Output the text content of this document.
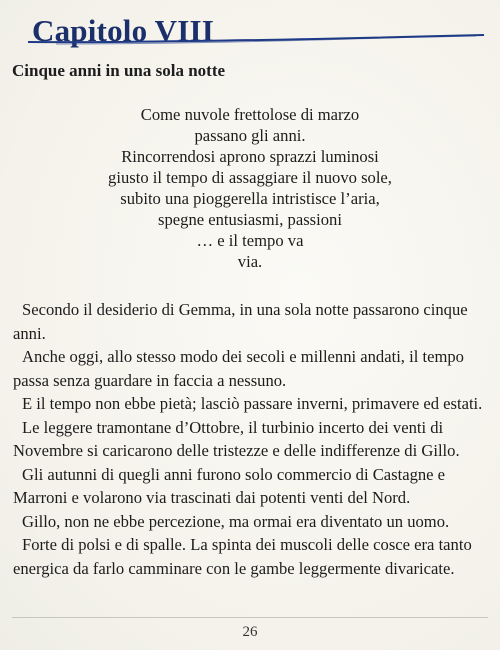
Capitolo VIII
Cinque anni in una sola notte
Come nuvole frettolose di marzo
passano gli anni.
Rincorrendosi aprono sprazzi luminosi
giusto il tempo di assaggiare il nuovo sole,
subito una pioggerella intristisce l’aria,
spegne entusiasmi, passioni
… e il tempo va
via.

Secondo il desiderio di Gemma, in una sola notte passarono cinque anni.

Anche oggi, allo stesso modo dei secoli e millenni andati, il tempo passa senza guardare in faccia a nessuno.

E il tempo non ebbe pietà; lasciò passare inverni, primavere ed estati.

Le leggere tramontane d’Ottobre, il turbinio incerto dei venti di Novembre si caricarono delle tristezze e delle indifferenze di Gillo.

Gli autunni di quegli anni furono solo commercio di Castagne e Marroni e volarono via trascinati dai potenti venti del Nord.

Gillo, non ne ebbe percezione, ma ormai era diventato un uomo.

Forte di polsi e di spalle. La spinta dei muscoli delle cosce era tanto energica da farlo camminare con le gambe leggermente divaricate.

26
